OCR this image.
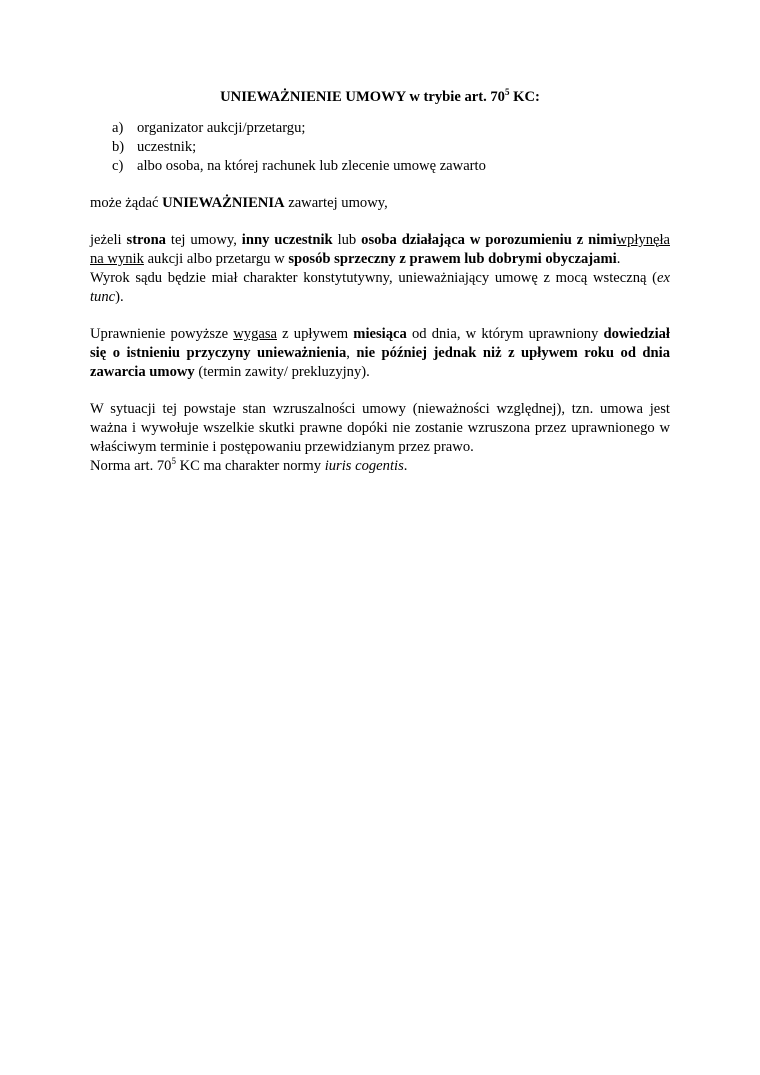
UNIEWAŻNIENIE UMOWY w trybie art. $70^5$ KC:
a) organizator aukcji/przetargu;
b) uczestnik;
c) albo osoba, na której rachunek lub zlecenie umowę zawarto

może żądać UNIEWAŻNIENIA zawartej umowy,

jeżeli strona tej umowy, inny uczestnik lub osoba działająca w porozumieniu z nimiwpłynęła na wynik aukcji albo przetargu w sposób sprzeczny z prawem lub dobrymi obyczajami.

Wyrok sądu będzie miał charakter konstytutywny, unieważniający umowę z mocą wsteczną (ex tunc).

Uprawnienie powyższe wygasa z upływem miesiąca od dnia, w którym uprawniony dowiedział się o istnieniu przyczyny unieważnienia, nie później jednak niż z upływem roku od dnia zawarcia umowy (termin zawity/ prekluzyjny).

W sytuacji tej powstaje stan wzruszalności umowy (nieważności względnej), tzn. umowa jest ważna i wywołuje wszelkie skutki prawne dopóki nie zostanie wzruszona przez uprawnionego w właściwym terminie i postępowaniu przewidzianym przez prawo.

Norma art. $70^5$ KC ma charakter normy iuris cogentis.
